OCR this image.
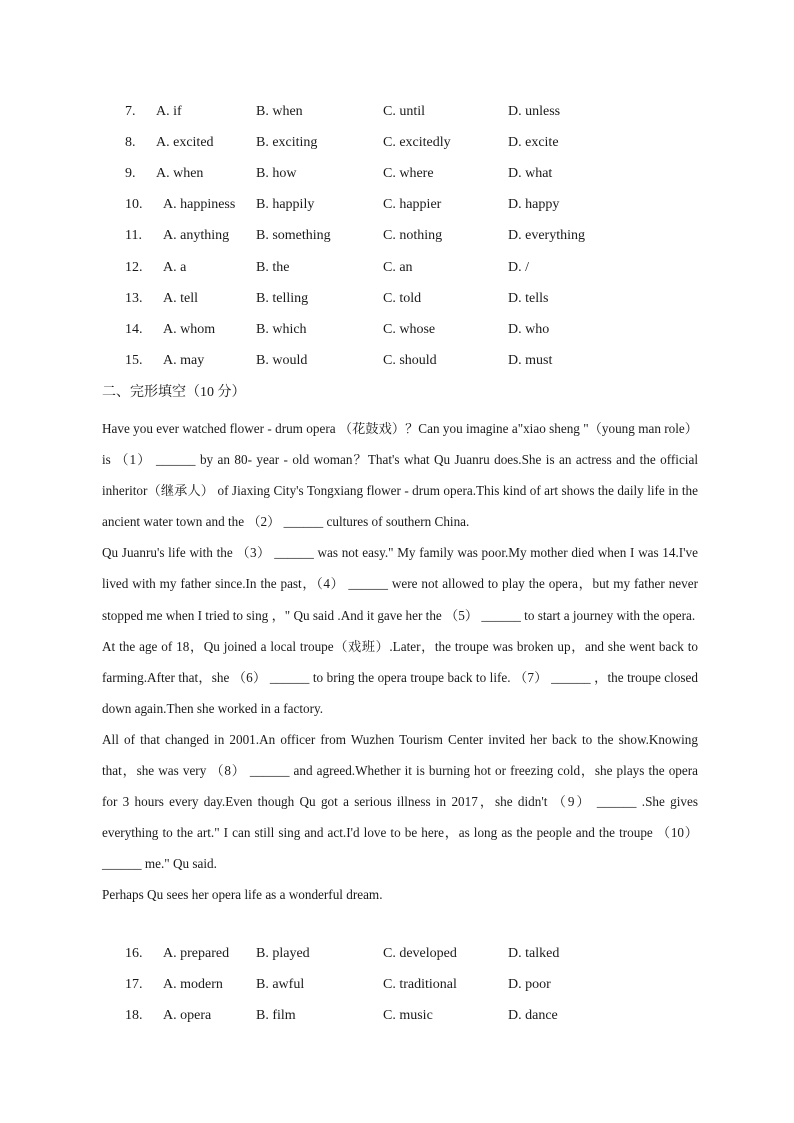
7. A. if	B. when	C. until	D. unless
8. A. excited	B. exciting	C. excitedly	D. excite
9. A. when	B. how	C. where	D. what
10. A. happiness B. happily	C. happier	D. happy
11. A. anything B. something	C. nothing	D. everything
12. A. a	B. the	C. an	D. /
13. A. tell	B. telling	C. told	D. tells
14. A. whom	B. which	C. whose	D. who
15. A. may	B. would	C. should	D. must
二、完形填空（10 分）

Have you ever watched flower - drum opera （花鼓戏）？Can you imagine a"xiao sheng "（young man role） is （1） ______ by an 80- year - old woman？That's what Qu Juanru does.She is an actress and the official inheritor（继承人） of Jiaxing City's Tongxiang flower - drum opera.This kind of art shows the daily life in the ancient water town and the （2） ______ cultures of southern China.

Qu Juanru's life with the （3） ______ was not easy." My family was poor.My mother died when I was 14.I've lived with my father since.In the past，（4） ______ were not allowed to play the opera，but my father never stopped me when I tried to sing ，" Qu said .And it gave her the （5） ______ to start a journey with the opera.

At the age of 18，Qu joined a local troupe（戏班）.Later，the troupe was broken up，and she went back to farming.After that，she （6） ______ to bring the opera troupe back to life. （7） ______ ，the troupe closed down again.Then she worked in a factory.

All of that changed in 2001.An officer from Wuzhen Tourism Center invited her back to the show.Knowing that，she was very （8） ______ and agreed.Whether it is burning hot or freezing cold，she plays the opera for 3 hours every day.Even though Qu got a serious illness in 2017，she didn't （9） ______ .She gives everything to the art." I can still sing and act.I'd love to be here，as long as the people and the troupe （10） ______ me." Qu said.

Perhaps Qu sees her opera life as a wonderful dream.

16. A. prepared B. played	C. developed	D. talked
17. A. modern B. awful	C. traditional	D. poor
18. A. opera	B. film	C. music	D. dance
